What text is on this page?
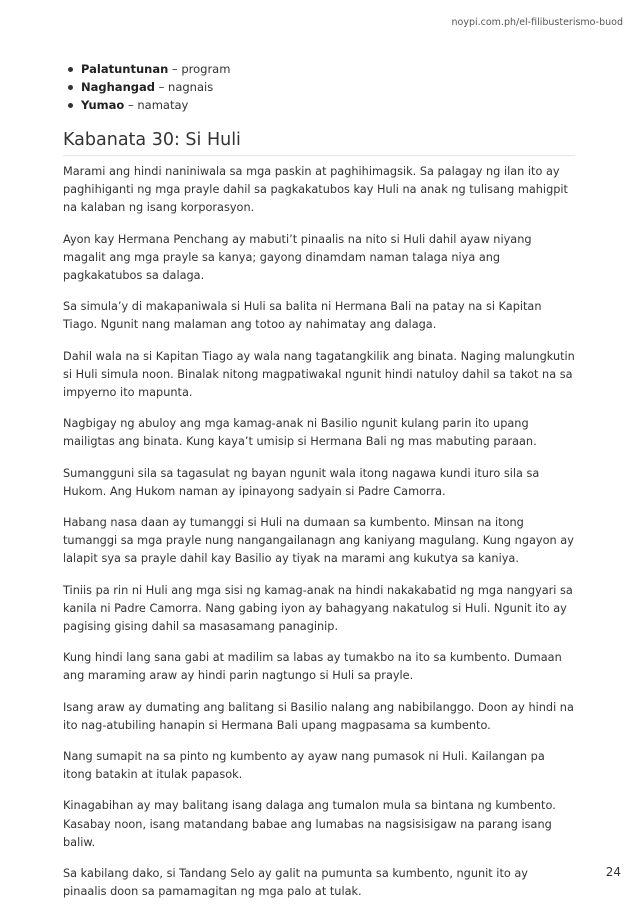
noypi.com.ph/el-filibusterismo-buod
Palatuntunan – program
Naghangad – nagnais
Yumao – namatay
Kabanata 30: Si Huli

Marami ang hindi naniniwala sa mga paskin at paghihimagsik. Sa palagay ng ilan ito ay paghihiganti ng mga prayle dahil sa pagkakatubos kay Huli na anak ng tulisang mahigpit na kalaban ng isang korporasyon.

Ayon kay Hermana Penchang ay mabuti’t pinaalis na nito si Huli dahil ayaw niyang magalit ang mga prayle sa kanya; gayong dinamdam naman talaga niya ang pagkakatubos sa dalaga.

Sa simula’y di makapaniwala si Huli sa balita ni Hermana Bali na patay na si Kapitan Tiago. Ngunit nang malaman ang totoo ay nahimatay ang dalaga.

Dahil wala na si Kapitan Tiago ay wala nang tagatangkilik ang binata. Naging malungkutin si Huli simula noon. Binalak nitong magpatiwakal ngunit hindi natuloy dahil sa takot na sa impyerno ito mapunta.

Nagbigay ng abuloy ang mga kamag-anak ni Basilio ngunit kulang parin ito upang mailigtas ang binata. Kung kaya’t umisip si Hermana Bali ng mas mabuting paraan.

Sumangguni sila sa tagasulat ng bayan ngunit wala itong nagawa kundi ituro sila sa Hukom. Ang Hukom naman ay ipinayong sadyain si Padre Camorra.

Habang nasa daan ay tumanggi si Huli na dumaan sa kumbento. Minsan na itong tumanggi sa mga prayle nung nangangailanagn ang kaniyang magulang. Kung ngayon ay lalapit sya sa prayle dahil kay Basilio ay tiyak na marami ang kukutya sa kaniya.

Tiniis pa rin ni Huli ang mga sisi ng kamag-anak na hindi nakakabatid ng mga nangyari sa kanila ni Padre Camorra. Nang gabing iyon ay bahagyang nakatulog si Huli. Ngunit ito ay pagising gising dahil sa masasamang panaginip.

Kung hindi lang sana gabi at madilim sa labas ay tumakbo na ito sa kumbento. Dumaan ang maraming araw ay hindi parin nagtungo si Huli sa prayle.

Isang araw ay dumating ang balitang si Basilio nalang ang nabibilanggo. Doon ay hindi na ito nag-atubiling hanapin si Hermana Bali upang magpasama sa kumbento.

Nang sumapit na sa pinto ng kumbento ay ayaw nang pumasok ni Huli. Kailangan pa itong batakin at itulak papasok.

Kinagabihan ay may balitang isang dalaga ang tumalon mula sa bintana ng kumbento. Kasabay noon, isang matandang babae ang lumabas na nagsisisigaw na parang isang baliw.

Sa kabilang dako, si Tandang Selo ay galit na pumunta sa kumbento, ngunit ito ay pinaalis doon sa pamamagitan ng mga palo at tulak.

24
